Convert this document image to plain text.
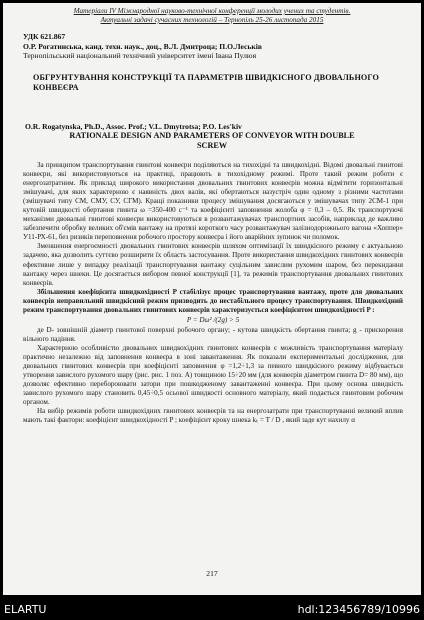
Матеріали IV Міжнародної науково-технічної конференції молодих учених та студентів.
Актуальні задачі сучасних технологій – Тернопіль 25-26 листопада 2015
УДК 621.867
О.Р. Рогатинська, канд. техн. наук., доц., В.Л. Дмитроца; П.О.Леськів
Тернопільський національний технічний університет імені Івана Пулюя
ОБГРУНТУВАННЯ КОНСТРУКЦІЇ ТА ПАРАМЕТРІВ ШВИДКІСНОГО ДВОВАЛЬНОГО КОНВЕЄРА
O.R. Rogatynska, Ph.D., Assoc. Prof.; V.L. Dmytrotsa; P.O. Les'kiv
RATIONALE DESIGN AND PARAMETERS OF CONVEYOR WITH DOUBLE SCREW

За принципом транспортування гвинтові конвеєри поділяються на тихохідні та швидкохідні. Відомі двовальні гвинтові конвеєри, які використовуються на практиці, працюють в тихохідному режимі. Проте такий режим роботи є енергозатратним. Як приклад широкого використання двовальних гвинтових конвеєрів можна відмітити горизонтальні змішувачі, для яких характерною є наявність двох валів, які обертаються назустріч один одному з різними частотами (змішувачі типу СМ, СМУ, СУ, СГМ). Кращі показники процесу змішування досягаються у змішувачах типу 2СМ-1 при кутовій швидкості обертання гвинта ω =350-400 с⁻¹ та коефіцієнті заповнення жолоба φ = 0,3 – 0,5. Як транспортуючі механізми двовальні гвинтові конвеєри використовуються в розвантажувачах транспортних засобів, наприклад де важливо забезпечити обробку великих об'ємів вантажу на протязі короткого часу розвантажувач залізнодорожнього вагона «Хоппер» У11-РХ-61, без ризиків переповнення робочого простору конвеєра і його аварійних зупинок чи поломок.

Зменшення енергоємності двовальних гвинтових конвеєрів шляхом оптимізації їх швидкісного режиму є актуальною задачею, яка дозволить суттєво розширити їх область застосування. Проте використання швидкохідних гвинтових конвеєрів ефективне лише у випадку реалізації транспортування вантажу суцільним завислим рухомим шаром, без перекидання вантажу через шнеки. Це досягається вибором певної конструкції [1], та режимів транспортування двовальних гвинтових конвеєрів.

Збільшення коефіцієнта швидкохідності P стабілізує процес транспортування вантажу, проте для двовальних конвеєрів неправильний швидкісний режим призводить до нестабільного процесу транспортування. Швидкохідний режим транспортування двовальних гвинтових конвеєрів характеризується коефіцієнтом швидкохідності P :

P = Dω² /(2g) > 5

де D- зовнішній діаметр гвинтової поверхні робочого органу; - кутова швидкість обертання гвинта; g - прискорення вільного падіння.

Характерною особливістю двовальних швидкохідних гвинтових конвеєрів є можливість транспортування матеріалу практично незалежно від заповнення конвеєра в зоні завантаження. Як показали експериментальні дослідження, для двовальних гвинтових конвеєрів при коефіцієнті заповнення φ =1,2÷1,3 за певного швидкісного режиму відбувається утворення завислого рухомого шару (рис. рис. 1 поз. А) товщиною 15÷20 мм (для конвеєрів діаметром гвинта D= 80 мм), що дозволяє ефективно перебороювати затори при пошкодженому завантаженні конвеєра. При цьому основа швидкість завислого рухомого шару становить 0,45÷0,5 осьової швидкості основного матеріалу, який подається гвинтовим робочим органом.

На вибір режимів роботи швидкохідних гвинтових конвеєрів та на енергозатрати при транспортуванні великий вплив мають такі фактори: коефіцієнт швидкохідності P ; коефіцієнт кроку шнека kₜ = T / D , який заде кут нахилу α

217
ELARTU	hdl:123456789/10996
